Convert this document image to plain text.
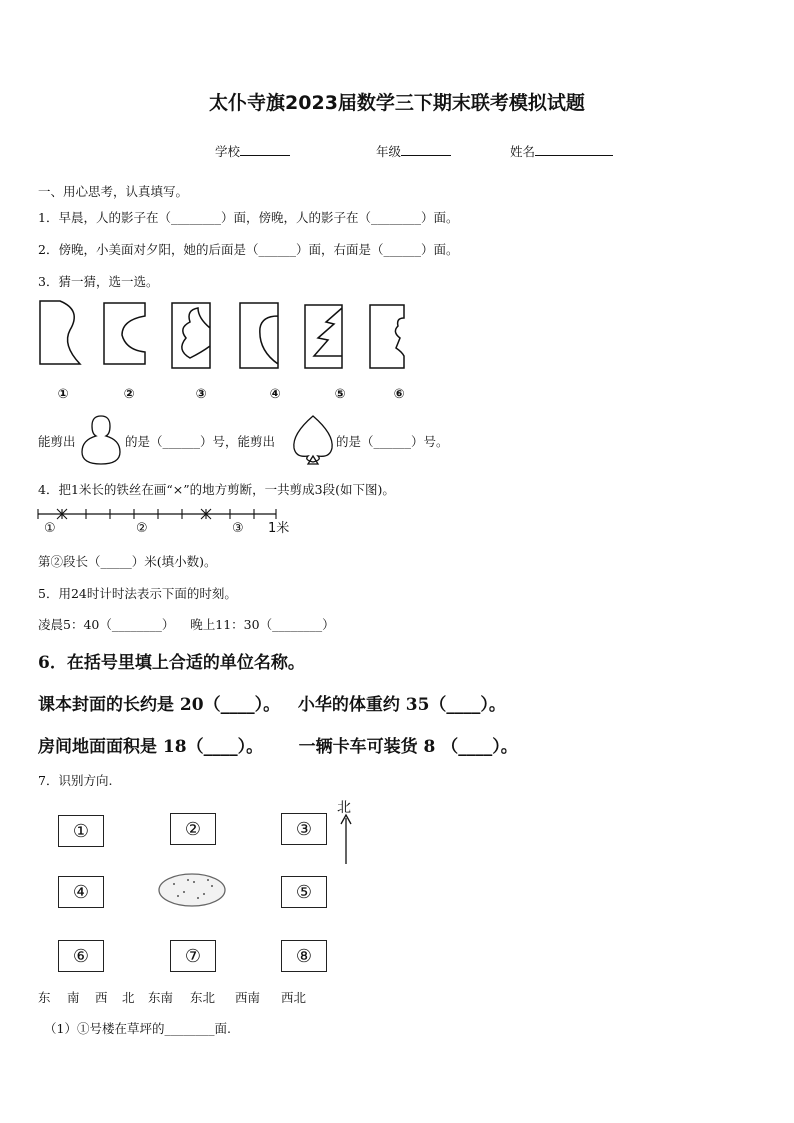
太仆寺旗2023届数学三下期末联考模拟试题
学校	年级	姓名
一、用心思考，认真填写。
1．早晨，人的影子在（________）面，傍晚，人的影子在（________）面。
2．傍晚，小美面对夕阳，她的后面是（______）面，右面是（______）面。
3．猜一猜，选一选。
①	②	③	④	⑤	⑥
能剪出	的是（______）号，能剪出	的是（______）号。
4．把1米长的铁丝在画“×”的地方剪断，一共剪成3段(如下图)。
①	②	③ 1米
第②段长（_____）米(填小数)。
5．用24时计时法表示下面的时刻。
凌晨5：40（________）    晚上11：30（________）
6．在括号里填上合适的单位名称。
课本封面的长约是 20（____）。   小华的体重约 35（____）。
房间地面面积是 18（____）。      一辆卡车可装货 8 （____）。
7．识别方向.
北
①	②	③
④	⑤
⑥	⑦	⑧
东 南 西 北 东南 东北 西南 西北
（1）①号楼在草坪的________面.
